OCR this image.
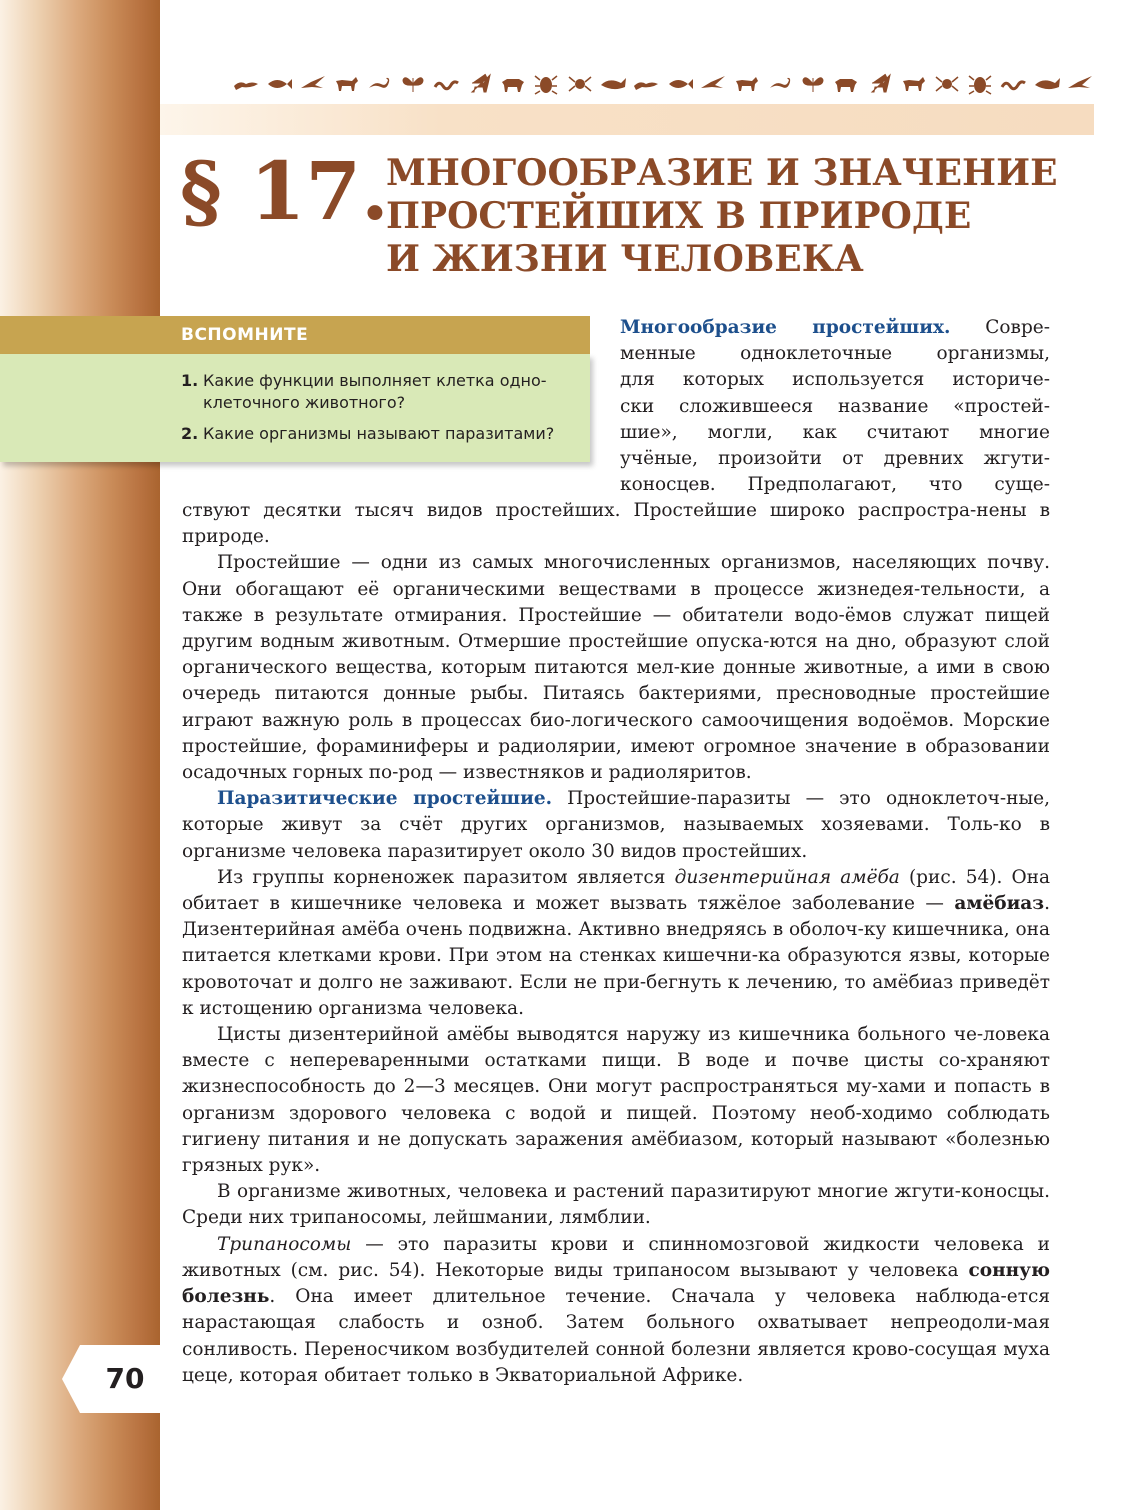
§ 17.
МНОГООБРАЗИЕ И ЗНАЧЕНИЕ
ПРОСТЕЙШИХ В ПРИРОДЕ
И ЖИЗНИ ЧЕЛОВЕКА
ВСПОМНИТЕ
1. Какие функции выполняет клетка одно-
клеточного животного?
2. Какие организмы называют паразитами?
Многообразие простейших. Совре-
менные одноклеточные организмы,
для которых используется историче-
ски сложившееся название «простей-
шие», могли, как считают многие
учёные, произойти от древних жгути-
коносцев. Предполагают, что суще-

ствуют десятки тысяч видов простейших. Простейшие широко распростра-нены в природе.

Простейшие — одни из самых многочисленных организмов, населяющих почву. Они обогащают её органическими веществами в процессе жизнедея-тельности, а также в результате отмирания. Простейшие — обитатели водо-ёмов служат пищей другим водным животным. Отмершие простейшие опуска-ются на дно, образуют слой органического вещества, которым питаются мел-кие донные животные, а ими в свою очередь питаются донные рыбы. Питаясь бактериями, пресноводные простейшие играют важную роль в процессах био-логического самоочищения водоёмов. Морские простейшие, фораминиферы и радиолярии, имеют огромное значение в образовании осадочных горных по-род — известняков и радиоляритов.

Паразитические простейшие. Простейшие-паразиты — это одноклеточ-ные, которые живут за счёт других организмов, называемых хозяевами. Толь-ко в организме человека паразитирует около 30 видов простейших.

Из группы корненожек паразитом является дизентерийная амёба (рис. 54). Она обитает в кишечнике человека и может вызвать тяжёлое заболевание — амёбиаз. Дизентерийная амёба очень подвижна. Активно внедряясь в оболоч-ку кишечника, она питается клетками крови. При этом на стенках кишечни-ка образуются язвы, которые кровоточат и долго не заживают. Если не при-бегнуть к лечению, то амёбиаз приведёт к истощению организма человека.

Цисты дизентерийной амёбы выводятся наружу из кишечника больного че-ловека вместе с непереваренными остатками пищи. В воде и почве цисты со-храняют жизнеспособность до 2—3 месяцев. Они могут распространяться му-хами и попасть в организм здорового человека с водой и пищей. Поэтому необ-ходимо соблюдать гигиену питания и не допускать заражения амёбиазом, который называют «болезнью грязных рук».

В организме животных, человека и растений паразитируют многие жгути-коносцы. Среди них трипаносомы, лейшмании, лямблии.

Трипаносомы — это паразиты крови и спинномозговой жидкости человека и животных (см. рис. 54). Некоторые виды трипаносом вызывают у человека сонную болезнь. Она имеет длительное течение. Сначала у человека наблюда-ется нарастающая слабость и озноб. Затем больного охватывает непреодоли-мая сонливость. Переносчиком возбудителей сонной болезни является крово-сосущая муха цеце, которая обитает только в Экваториальной Африке.

70
